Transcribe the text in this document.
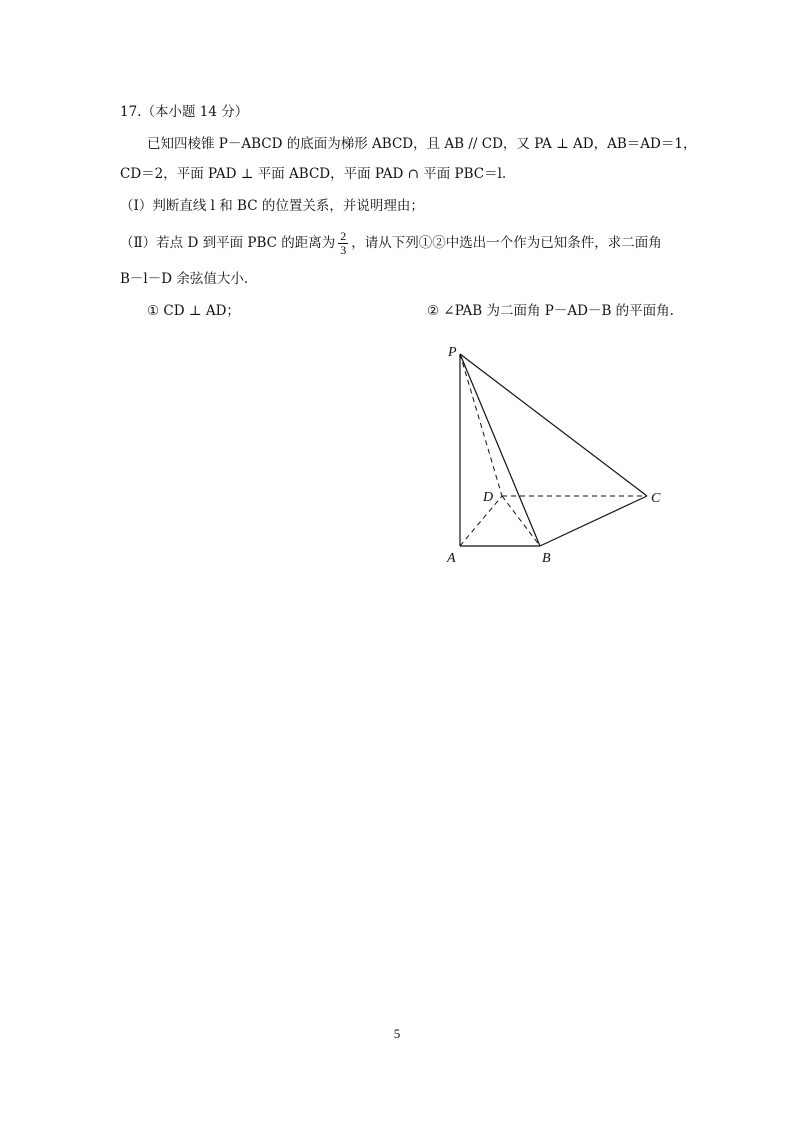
17.（本小题 14 分）
已知四棱锥 P－ABCD 的底面为梯形 ABCD，且 AB // CD，又 PA ⊥ AD，AB＝AD＝1，
CD＝2，平面 PAD ⊥ 平面 ABCD，平面 PAD ∩ 平面 PBC＝l.
（Ⅰ）判断直线 l 和 BC 的位置关系，并说明理由；
（Ⅱ）若点 D 到平面 PBC 的距离为 $\frac{2}{3}$ ，请从下列①②中选出一个作为已知条件，求二面角
B－l－D 余弦值大小.
① CD ⊥ AD；	② ∠PAB 为二面角 P－AD－B 的平面角.
P
D	C
A	B
5
